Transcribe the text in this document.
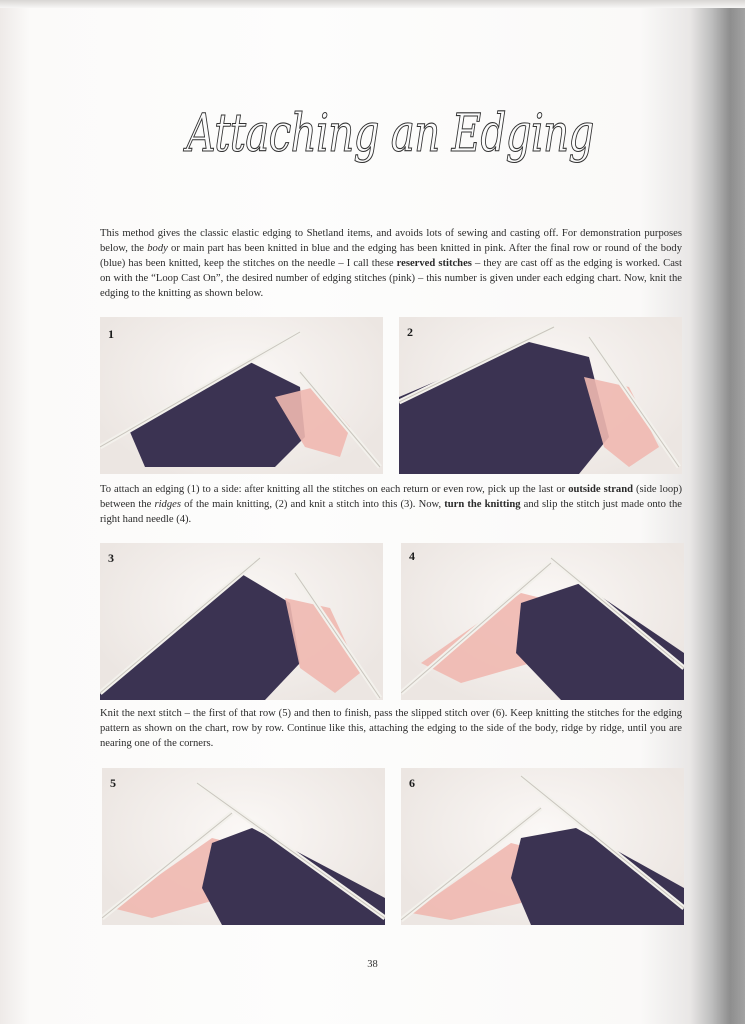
Attaching an Edging

This method gives the classic elastic edging to Shetland items, and avoids lots of sewing and casting off. For demonstration purposes below, the body or main part has been knitted in blue and the edging has been knitted in pink. After the final row or round of the body (blue) has been knitted, keep the stitches on the needle – I call these reserved stitches – they are cast off as the edging is worked. Cast on with the “Loop Cast On”, the desired number of edging stitches (pink) – this number is given under each edging chart. Now, knit the edging to the knitting as shown below.

1	2

To attach an edging (1) to a side: after knitting all the stitches on each return or even row, pick up the last or outside strand (side loop) between the ridges of the main knitting, (2) and knit a stitch into this (3). Now, turn the knitting and slip the stitch just made onto the right hand needle (4).

3	4

Knit the next stitch – the first of that row (5) and then to finish, pass the slipped stitch over (6). Keep knitting the stitches for the edging pattern as shown on the chart, row by row. Continue like this, attaching the edging to the side of the body, ridge by ridge, until you are nearing one of the corners.

5	6
38
